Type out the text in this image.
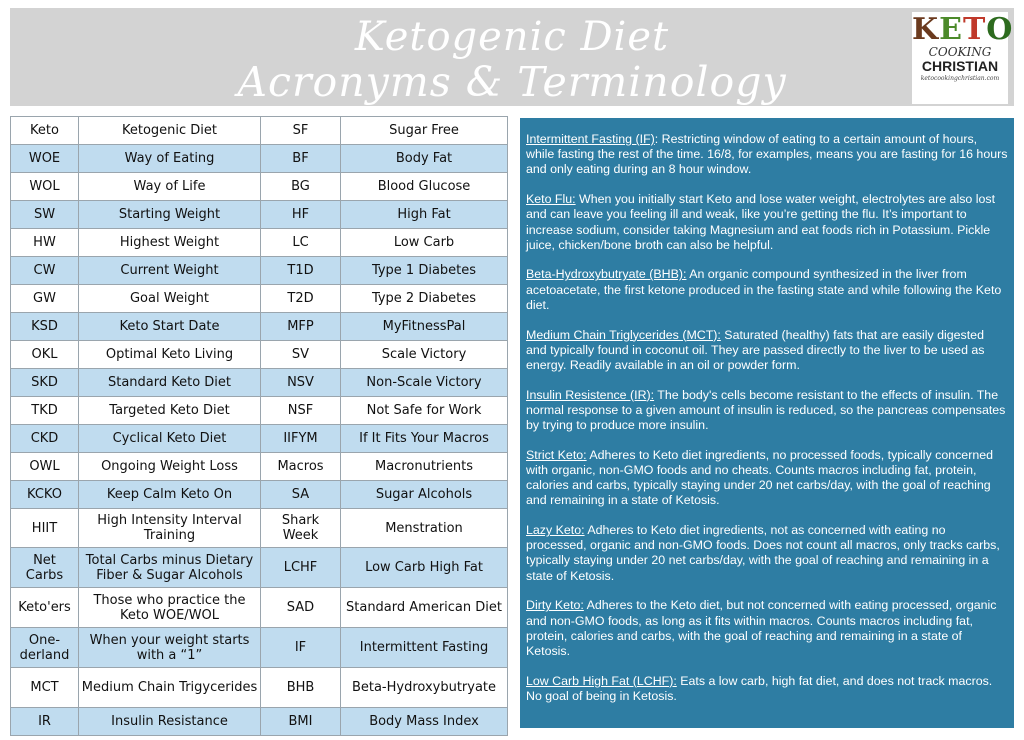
Ketogenic Diet
Acronyms & Terminology
KETO
COOKING
CHRISTIAN
ketocookingchristian.com
Keto	Ketogenic Diet	SF	Sugar Free
WOE	Way of Eating	BF	Body Fat
WOL	Way of Life	BG	Blood Glucose
SW	Starting Weight	HF	High Fat
HW	Highest Weight	LC	Low Carb
CW	Current Weight	T1D	Type 1 Diabetes
GW	Goal Weight	T2D	Type 2 Diabetes
KSD	Keto Start Date	MFP	MyFitnessPal
OKL	Optimal Keto Living	SV	Scale Victory
SKD	Standard Keto Diet	NSV	Non-Scale Victory
TKD	Targeted Keto Diet	NSF	Not Safe for Work
CKD	Cyclical Keto Diet	IIFYM	If It Fits Your Macros
OWL	Ongoing Weight Loss	Macros	Macronutrients
KCKO	Keep Calm Keto On	SA	Sugar Alcohols
HIIT	High Intensity Interval Training	Shark Week	Menstration
Net Carbs	Total Carbs minus Dietary Fiber & Sugar Alcohols	LCHF	Low Carb High Fat
Keto'ers	Those who practice the Keto WOE/WOL	SAD	Standard American Diet
One-derland	When your weight starts with a “1”	IF	Intermittent Fasting
MCT	Medium Chain Trigycerides	BHB	Beta-Hydroxybutryate
IR	Insulin Resistance	BMI	Body Mass Index
Intermittent Fasting (IF): Restricting window of eating to a certain amount of hours, while fasting the rest of the time. 16/8, for examples, means you are fasting for 16 hours and only eating during an 8 hour window.
Keto Flu: When you initially start Keto and lose water weight, electrolytes are also lost and can leave you feeling ill and weak, like you’re getting the flu. It’s important to increase sodium, consider taking Magnesium and eat foods rich in Potassium. Pickle juice, chicken/bone broth can also be helpful.
Beta-Hydroxybutryate (BHB): An organic compound synthesized in the liver from acetoacetate, the first ketone produced in the fasting state and while following the Keto diet.
Medium Chain Triglycerides (MCT): Saturated (healthy) fats that are easily digested and typically found in coconut oil. They are passed directly to the liver to be used as energy. Readily available in an oil or powder form.
Insulin Resistence (IR): The body's cells become resistant to the effects of insulin. The normal response to a given amount of insulin is reduced, so the pancreas compensates by trying to produce more insulin.
Strict Keto: Adheres to Keto diet ingredients, no processed foods, typically concerned with organic, non-GMO foods and no cheats. Counts macros including fat, protein, calories and carbs, typically staying under 20 net carbs/day, with the goal of reaching and remaining in a state of Ketosis.
Lazy Keto: Adheres to Keto diet ingredients, not as concerned with eating no processed, organic and non-GMO foods. Does not count all macros, only tracks carbs, typically staying under 20 net carbs/day, with the goal of reaching and remaining in a state of Ketosis.
Dirty Keto: Adheres to the Keto diet, but not concerned with eating processed, organic and non-GMO foods, as long as it fits within macros. Counts macros including fat, protein, calories and carbs, with the goal of reaching and remaining in a state of Ketosis.
Low Carb High Fat (LCHF): Eats a low carb, high fat diet, and does not track macros. No goal of being in Ketosis.
